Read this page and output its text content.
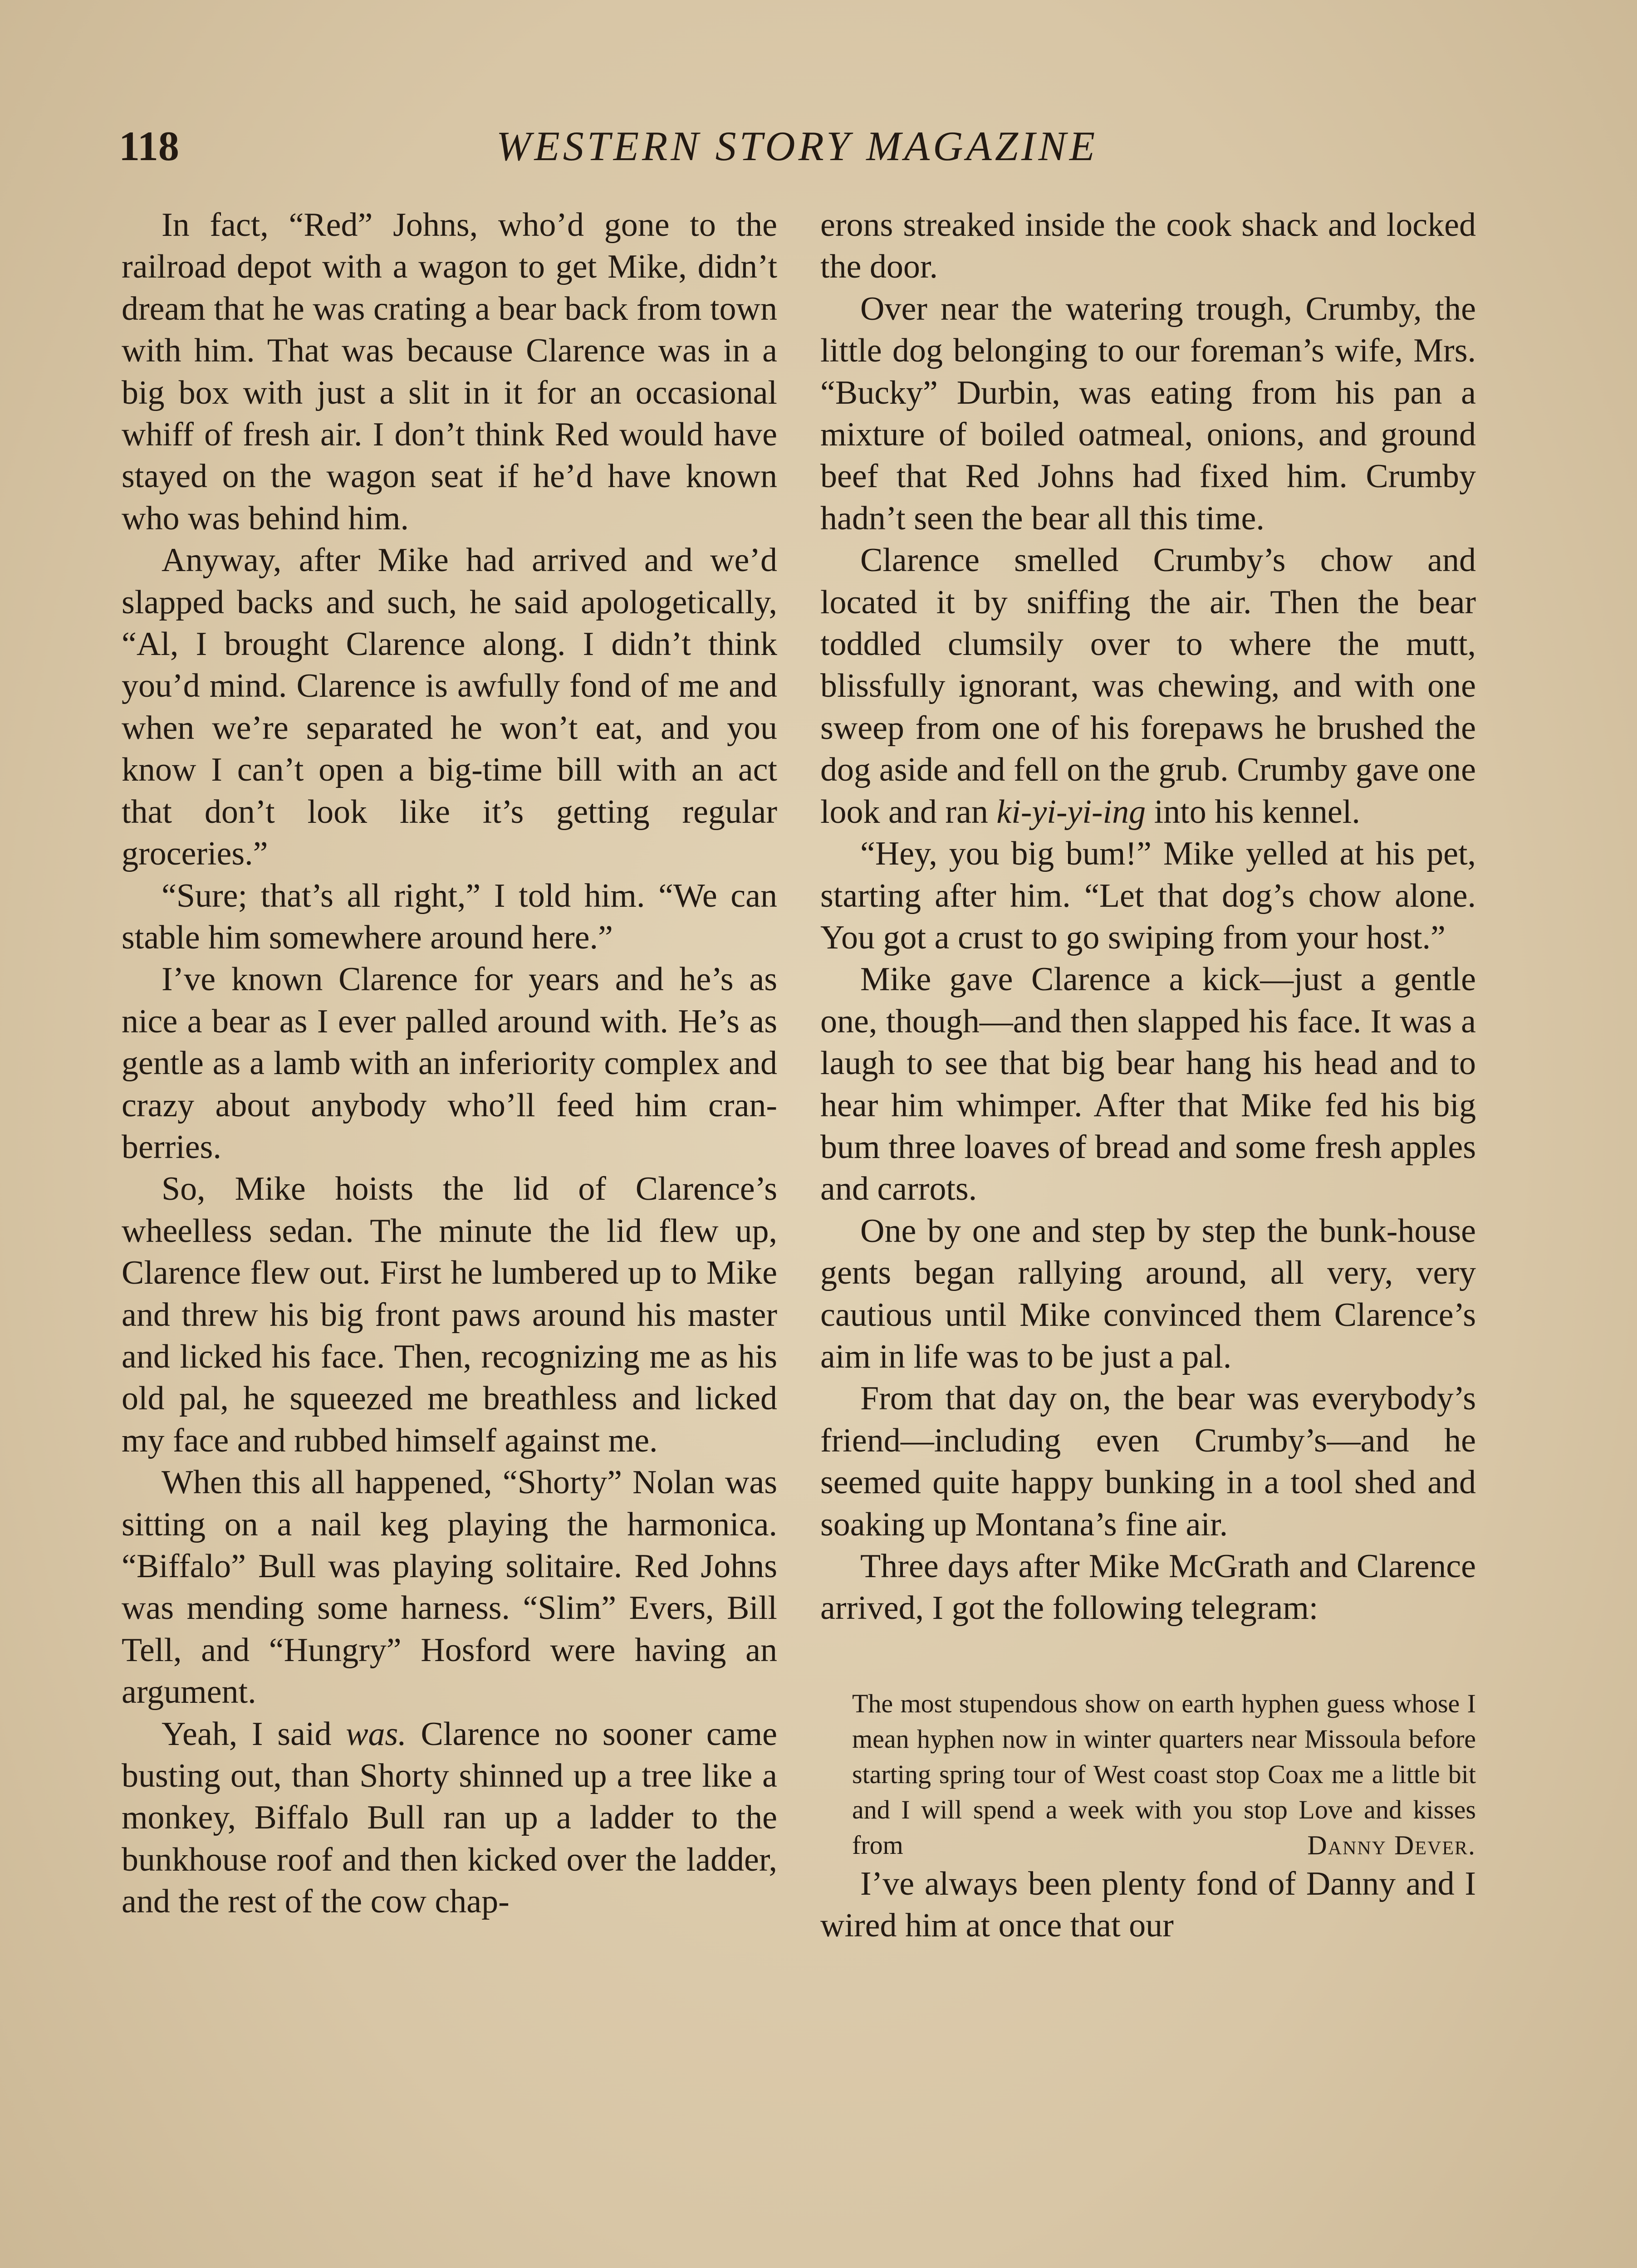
118	WESTERN STORY MAGAZINE

In fact, “Red” Johns, who’d gone to the railroad depot with a wagon to get Mike, didn’t dream that he was crating a bear back from town with him. That was because Clarence was in a big box with just a slit in it for an occasional whiff of fresh air. I don’t think Red would have stayed on the wagon seat if he’d have known who was behind him.

Anyway, after Mike had arrived and we’d slapped backs and such, he said apologetically, “Al, I brought Clarence along. I didn’t think you’d mind. Clarence is awfully fond of me and when we’re separated he won’t eat, and you know I can’t open a big-time bill with an act that don’t look like it’s getting regular groceries.”

“Sure; that’s all right,” I told him. “We can stable him somewhere around here.”

I’ve known Clarence for years and he’s as nice a bear as I ever palled around with. He’s as gentle as a lamb with an inferiority complex and crazy about anybody who’ll feed him cranberries.

So, Mike hoists the lid of Clarence’s wheelless sedan. The minute the lid flew up, Clarence flew out. First he lumbered up to Mike and threw his big front paws around his master and licked his face. Then, recognizing me as his old pal, he squeezed me breathless and licked my face and rubbed himself against me.

When this all happened, “Shorty” Nolan was sitting on a nail keg playing the harmonica. “Biffalo” Bull was playing solitaire. Red Johns was mending some harness. “Slim” Evers, Bill Tell, and “Hungry” Hosford were having an argument.

Yeah, I said was. Clarence no sooner came busting out, than Shorty shinned up a tree like a monkey, Biffalo Bull ran up a ladder to the bunkhouse roof and then kicked over the ladder, and the rest of the cow chap-

erons streaked inside the cook shack and locked the door.

Over near the watering trough, Crumby, the little dog belonging to our foreman’s wife, Mrs. “Bucky” Durbin, was eating from his pan a mixture of boiled oatmeal, onions, and ground beef that Red Johns had fixed him. Crumby hadn’t seen the bear all this time.

Clarence smelled Crumby’s chow and located it by sniffing the air. Then the bear toddled clumsily over to where the mutt, blissfully ignorant, was chewing, and with one sweep from one of his forepaws he brushed the dog aside and fell on the grub. Crumby gave one look and ran ki-yi-yi-ing into his kennel.

“Hey, you big bum!” Mike yelled at his pet, starting after him. “Let that dog’s chow alone. You got a crust to go swiping from your host.”

Mike gave Clarence a kick—just a gentle one, though—and then slapped his face. It was a laugh to see that big bear hang his head and to hear him whimper. After that Mike fed his big bum three loaves of bread and some fresh apples and carrots.

One by one and step by step the bunk-house gents began rallying around, all very, very cautious until Mike convinced them Clarence’s aim in life was to be just a pal.

From that day on, the bear was everybody’s friend—including even Crumby’s—and he seemed quite happy bunking in a tool shed and soaking up Montana’s fine air.

Three days after Mike McGrath and Clarence arrived, I got the following telegram:

The most stupendous show on earth hyphen guess whose I mean hyphen now in winter quarters near Missoula before starting spring tour of West coast stop Coax me a little bit and I will spend a week with you stop Love and kisses from	Danny Dever.

I’ve always been plenty fond of Danny and I wired him at once that our
